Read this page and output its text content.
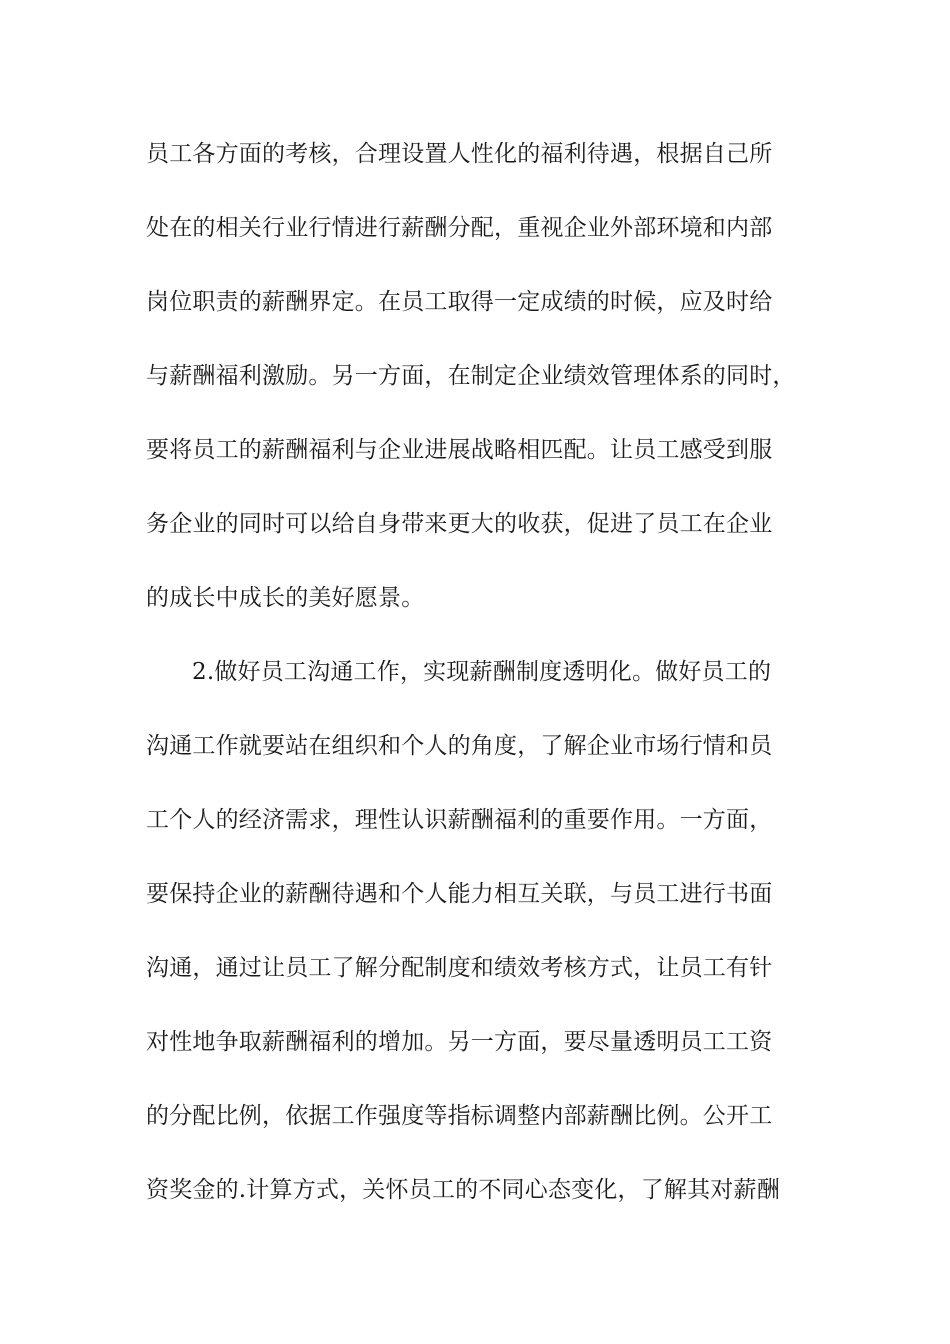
员工各方面的考核，合理设置人性化的福利待遇，根据自己所
处在的相关行业行情进行薪酬分配，重视企业外部环境和内部
岗位职责的薪酬界定。在员工取得一定成绩的时候，应及时给
与薪酬福利激励。另一方面，在制定企业绩效管理体系的同时，
要将员工的薪酬福利与企业进展战略相匹配。让员工感受到服
务企业的同时可以给自身带来更大的收获，促进了员工在企业
的成长中成长的美好愿景。
2.做好员工沟通工作，实现薪酬制度透明化。做好员工的
沟通工作就要站在组织和个人的角度，了解企业市场行情和员
工个人的经济需求，理性认识薪酬福利的重要作用。一方面，
要保持企业的薪酬待遇和个人能力相互关联，与员工进行书面
沟通，通过让员工了解分配制度和绩效考核方式，让员工有针
对性地争取薪酬福利的增加。另一方面，要尽量透明员工工资
的分配比例，依据工作强度等指标调整内部薪酬比例。公开工
资奖金的.计算方式，关怀员工的不同心态变化，了解其对薪酬
